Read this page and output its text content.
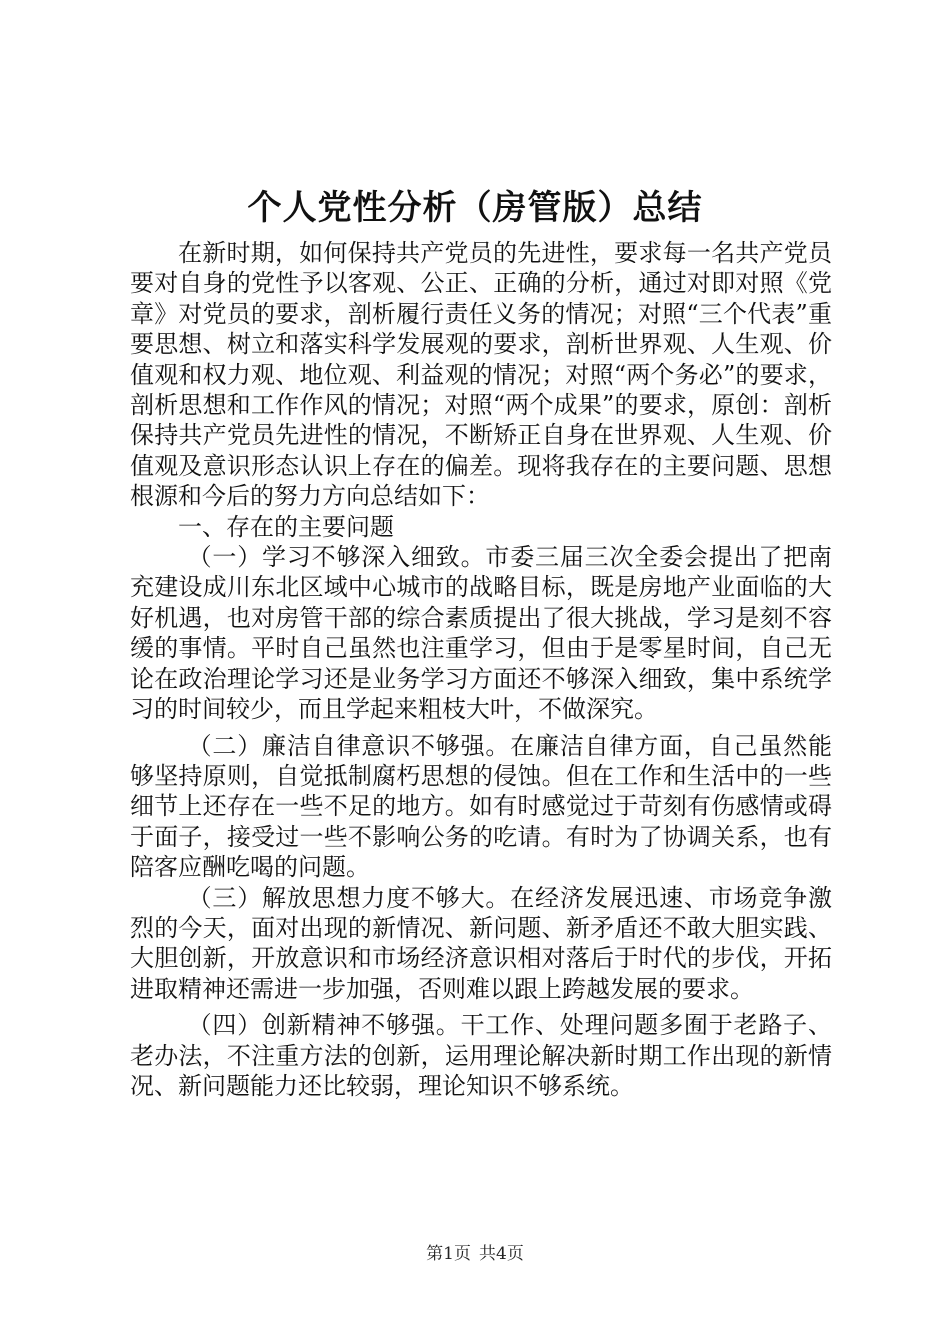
个人党性分析（房管版）总结

在新时期，如何保持共产党员的先进性，要求每一名共产党员要对自身的党性予以客观、公正、正确的分析，通过对即对照《党章》对党员的要求，剖析履行责任义务的情况；对照“三个代表”重要思想、树立和落实科学发展观的要求，剖析世界观、人生观、价值观和权力观、地位观、利益观的情况；对照“两个务必”的要求，剖析思想和工作作风的情况；对照“两个成果”的要求，原创：剖析保持共产党员先进性的情况，不断矫正自身在世界观、人生观、价值观及意识形态认识上存在的偏差。现将我存在的主要问题、思想根源和今后的努力方向总结如下：

一、存在的主要问题

（一）学习不够深入细致。市委三届三次全委会提出了把南充建设成川东北区域中心城市的战略目标，既是房地产业面临的大好机遇，也对房管干部的综合素质提出了很大挑战，学习是刻不容缓的事情。平时自己虽然也注重学习，但由于是零星时间，自己无论在政治理论学习还是业务学习方面还不够深入细致，集中系统学习的时间较少，而且学起来粗枝大叶，不做深究。

（二）廉洁自律意识不够强。在廉洁自律方面，自己虽然能够坚持原则，自觉抵制腐朽思想的侵蚀。但在工作和生活中的一些细节上还存在一些不足的地方。如有时感觉过于苛刻有伤感情或碍于面子，接受过一些不影响公务的吃请。有时为了协调关系，也有陪客应酬吃喝的问题。

（三）解放思想力度不够大。在经济发展迅速、市场竞争激烈的今天，面对出现的新情况、新问题、新矛盾还不敢大胆实践、大胆创新，开放意识和市场经济意识相对落后于时代的步伐，开拓进取精神还需进一步加强，否则难以跟上跨越发展的要求。

（四）创新精神不够强。干工作、处理问题多囿于老路子、老办法，不注重方法的创新，运用理论解决新时期工作出现的新情况、新问题能力还比较弱，理论知识不够系统。

第1页 共4页
